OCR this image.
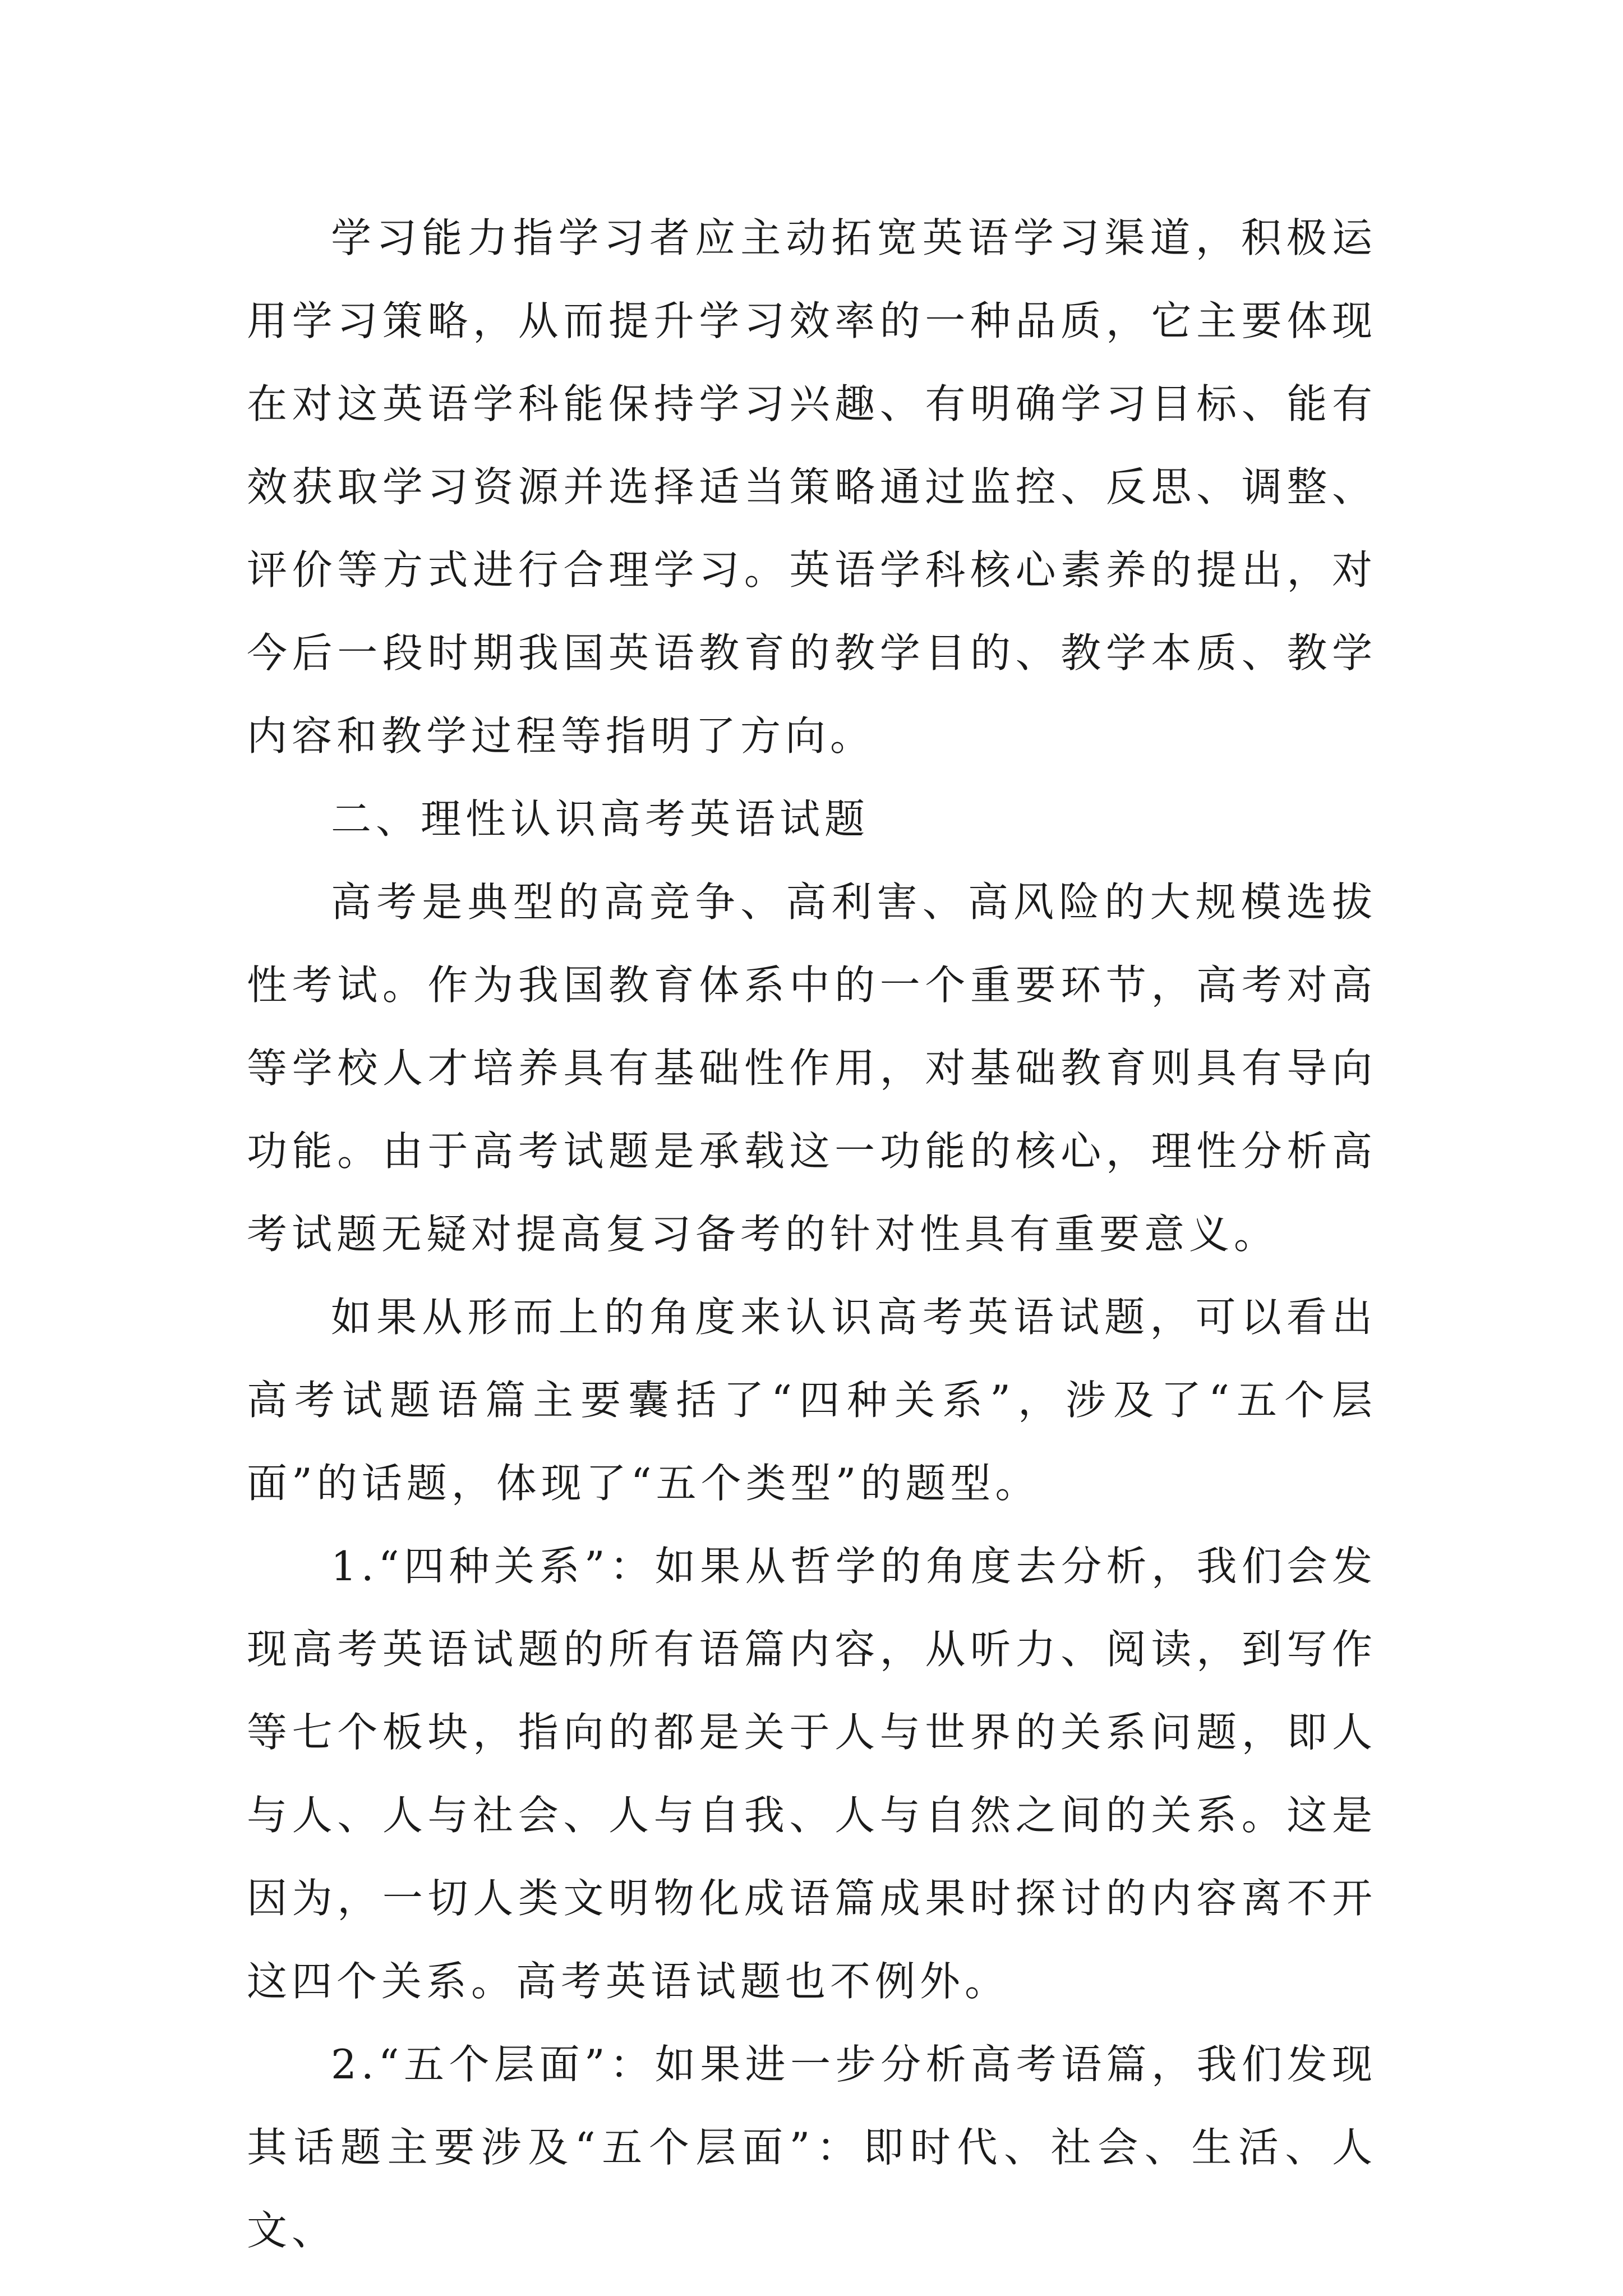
学习能力指学习者应主动拓宽英语学习渠道，积极运用学习策略，从而提升学习效率的一种品质，它主要体现在对这英语学科能保持学习兴趣、有明确学习目标、能有效获取学习资源并选择适当策略通过监控、反思、调整、评价等方式进行合理学习。英语学科核心素养的提出，对今后一段时期我国英语教育的教学目的、教学本质、教学内容和教学过程等指明了方向。

二、理性认识高考英语试题

高考是典型的高竞争、高利害、高风险的大规模选拔性考试。作为我国教育体系中的一个重要环节，高考对高等学校人才培养具有基础性作用，对基础教育则具有导向功能。由于高考试题是承载这一功能的核心，理性分析高考试题无疑对提高复习备考的针对性具有重要意义。

如果从形而上的角度来认识高考英语试题，可以看出高考试题语篇主要囊括了“四种关系”，涉及了“五个层面”的话题，体现了“五个类型”的题型。

1.“四种关系”：如果从哲学的角度去分析，我们会发现高考英语试题的所有语篇内容，从听力、阅读，到写作等七个板块，指向的都是关于人与世界的关系问题，即人与人、人与社会、人与自我、人与自然之间的关系。这是因为，一切人类文明物化成语篇成果时探讨的内容离不开这四个关系。高考英语试题也不例外。

2.“五个层面”：如果进一步分析高考语篇，我们发现其话题主要涉及“五个层面”：即时代、社会、生活、人文、
